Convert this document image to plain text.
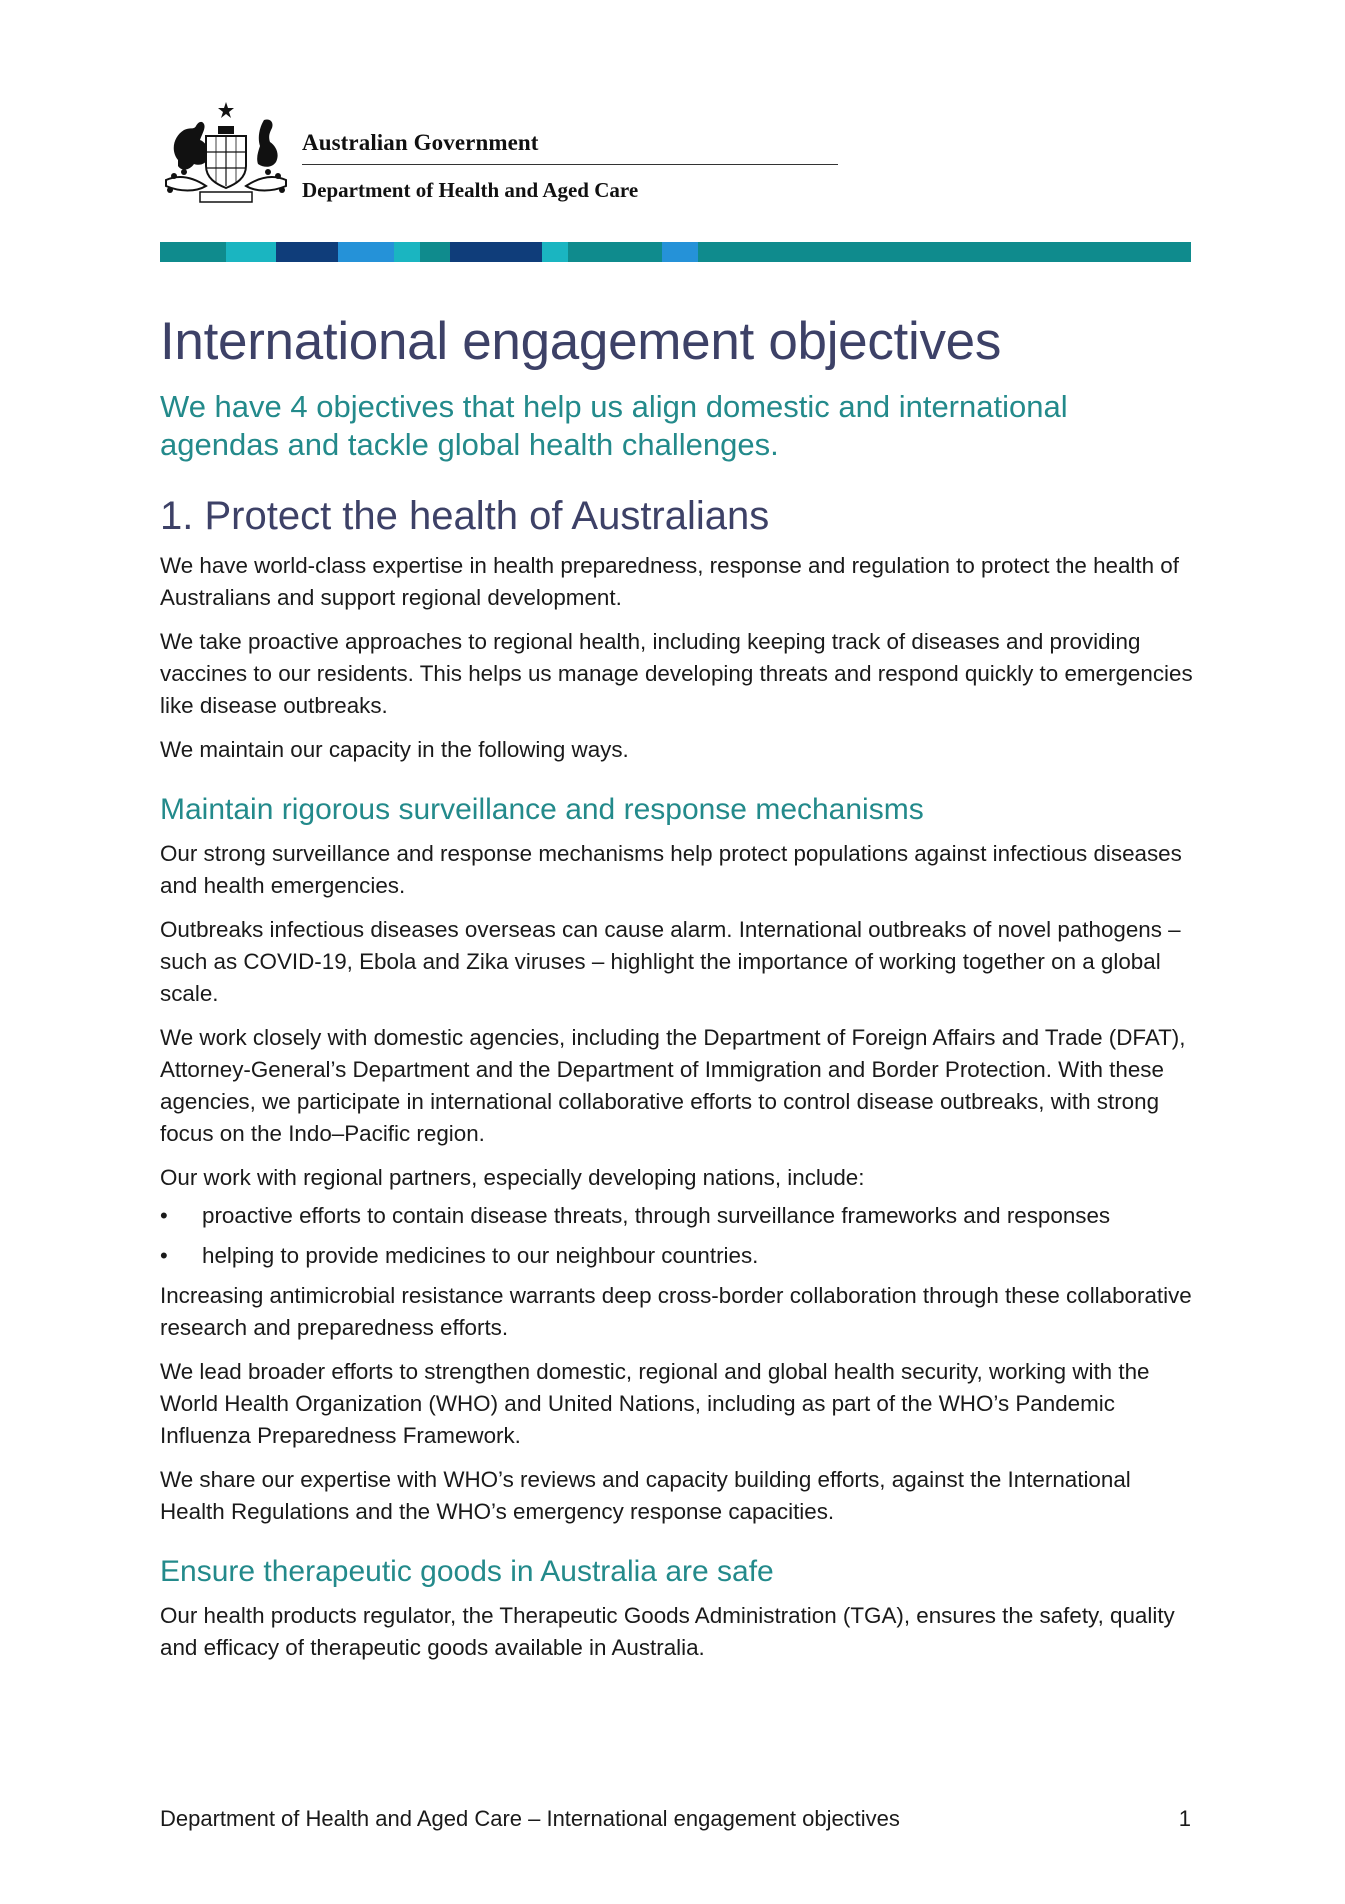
Australian Government
Department of Health and Aged Care
International engagement objectives
We have 4 objectives that help us align domestic and international agendas and tackle global health challenges.
1. Protect the health of Australians

We have world-class expertise in health preparedness, response and regulation to protect the health of Australians and support regional development.

We take proactive approaches to regional health, including keeping track of diseases and providing vaccines to our residents. This helps us manage developing threats and respond quickly to emergencies like disease outbreaks.

We maintain our capacity in the following ways.

Maintain rigorous surveillance and response mechanisms

Our strong surveillance and response mechanisms help protect populations against infectious diseases and health emergencies.

Outbreaks infectious diseases overseas can cause alarm. International outbreaks of novel pathogens – such as COVID-19, Ebola and Zika viruses – highlight the importance of working together on a global scale.

We work closely with domestic agencies, including the Department of Foreign Affairs and Trade (DFAT), Attorney-General’s Department and the Department of Immigration and Border Protection. With these agencies, we participate in international collaborative efforts to control disease outbreaks, with strong focus on the Indo–Pacific region.

Our work with regional partners, especially developing nations, include:

• proactive efforts to contain disease threats, through surveillance frameworks and responses
• helping to provide medicines to our neighbour countries.

Increasing antimicrobial resistance warrants deep cross-border collaboration through these collaborative research and preparedness efforts.

We lead broader efforts to strengthen domestic, regional and global health security, working with the World Health Organization (WHO) and United Nations, including as part of the WHO’s Pandemic Influenza Preparedness Framework.

We share our expertise with WHO’s reviews and capacity building efforts, against the International Health Regulations and the WHO’s emergency response capacities.

Ensure therapeutic goods in Australia are safe

Our health products regulator, the Therapeutic Goods Administration (TGA), ensures the safety, quality and efficacy of therapeutic goods available in Australia.

Department of Health and Aged Care – International engagement objectives	1
